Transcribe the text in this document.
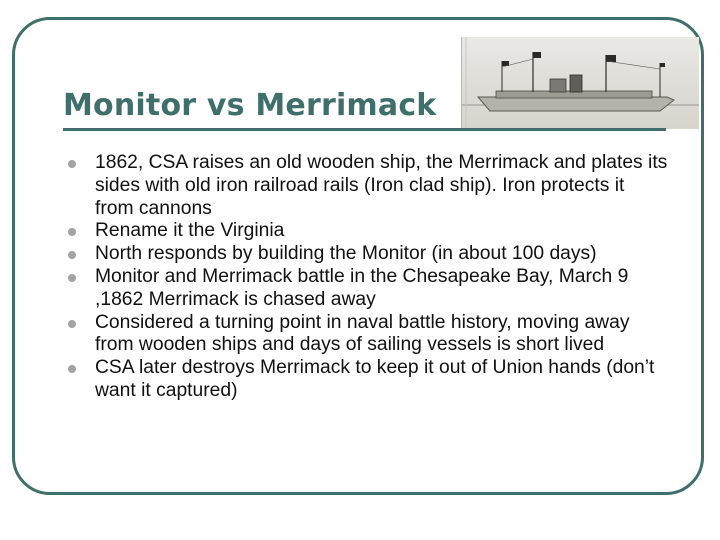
Monitor vs Merrimack
1862, CSA raises an old wooden ship, the Merrimack and plates its sides with old iron railroad rails (Iron clad ship). Iron protects it from cannons
Rename it the Virginia
North responds by building the Monitor (in about 100 days)
Monitor and Merrimack battle in the Chesapeake Bay, March 9 ,1862 Merrimack is chased away
Considered a turning point in naval battle history, moving away from wooden ships and days of sailing vessels is short lived
CSA later destroys Merrimack to keep it out of Union hands (don’t want it captured)
